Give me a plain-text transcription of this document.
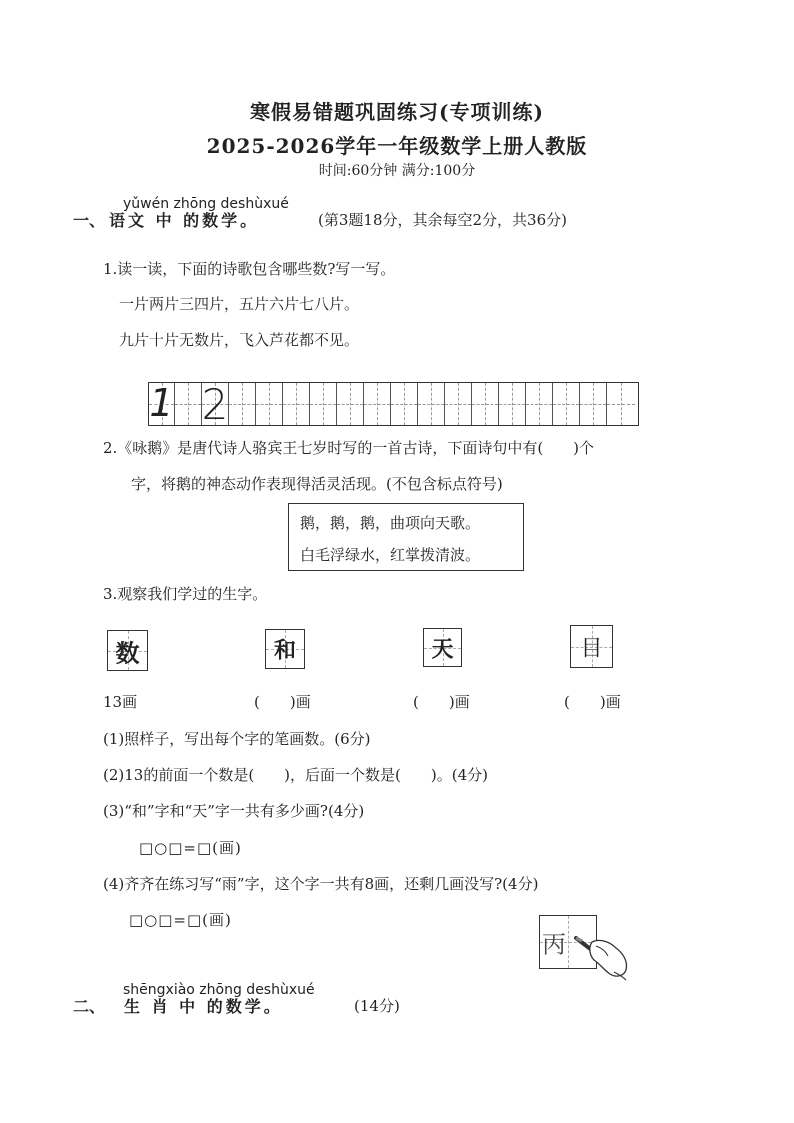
寒假易错题巩固练习(专项训练)
2025-2026学年一年级数学上册人教版
时间:60分钟 满分:100分
yǔwén zhōng deshùxué
一、 语文 中 的数学。	(第3题18分，其余每空2分，共36分)
1.读一读，下面的诗歌包含哪些数?写一写。
一片两片三四片，五片六片七八片。
九片十片无数片，飞入芦花都不见。
1 2
2.《咏鹅》是唐代诗人骆宾王七岁时写的一首古诗，下面诗句中有(　　)个
字，将鹅的神态动作表现得活灵活现。(不包含标点符号)
鹅，鹅，鹅，曲项向天歌。
白毛浮绿水，红掌拨清波。
3.观察我们学过的生字。
数	和	天	目
13画	(　　)画	(　　)画	(　　)画
(1)照样子，写出每个字的笔画数。(6分)
(2)13的前面一个数是(　　)，后面一个数是(　　)。(4分)
(3)“和”字和“天”字一共有多少画?(4分)
□○□=□(画)
(4)齐齐在练习写“雨”字，这个字一共有8画，还剩几画没写?(4分)
□○□=□(画)
丙
shēngxiào zhōng deshùxué
二、 生 肖 中 的数学。	(14分)
